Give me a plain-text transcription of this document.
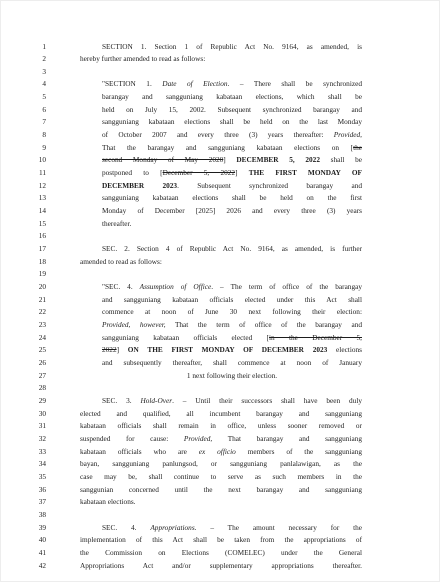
1	SECTION 1. Section 1 of Republic Act No. 9164, as amended, is
2	hereby further amended to read as follows:
3
4	"SECTION 1. Date of Election. – There shall be synchronized
5	barangay and sangguniang kabataan elections, which shall be
6	held on July 15, 2002. Subsequent synchronized barangay and
7	sangguniang kabataan elections shall be held on the last Monday
8	of October 2007 and every three (3) years thereafter: Provided,
9	That the barangay and sangguniang kabataan elections on [the
10	second Monday of May 2020] DECEMBER 5, 2022 shall be
11	postponed to [December 5, 2022] THE FIRST MONDAY OF
12	DECEMBER 2023. Subsequent synchronized barangay and
13	sangguniang kabataan elections shall be held on the first
14	Monday of December [2025] 2026 and every three (3) years
15	thereafter.
16
17	SEC. 2. Section 4 of Republic Act No. 9164, as amended, is further
18	amended to read as follows:
19
20	"SEC. 4. Assumption of Office. – The term of office of the barangay
21	and sangguniang kabataan officials elected under this Act shall
22	commence at noon of June 30 next following their election:
23	Provided, however, That the term of office of the barangay and
24	sangguniang kabataan officials elected [in the December 5,
25	2022] ON THE FIRST MONDAY OF DECEMBER 2023 elections
26	and subsequently thereafter, shall commence at noon of January
27	1 next following their election.
28
29	SEC. 3. Hold-Over. – Until their successors shall have been duly
30	elected and qualified, all incumbent barangay and sangguniang
31	kabataan officials shall remain in office, unless sooner removed or
32	suspended for cause: Provided, That barangay and sangguniang
33	kabataan officials who are ex officio members of the sangguniang
34	bayan, sangguniang panlungsod, or sangguniang panlalawigan, as the
35	case may be, shall continue to serve as such members in the
36	sanggunian concerned until the next barangay and sangguniang
37	kabataan elections.
38
39	SEC. 4. Appropriations. – The amount necessary for the
40	implementation of this Act shall be taken from the appropriations of
41	the Commission on Elections (COMELEC) under the General
42	Appropriations Act and/or supplementary appropriations thereafter.
